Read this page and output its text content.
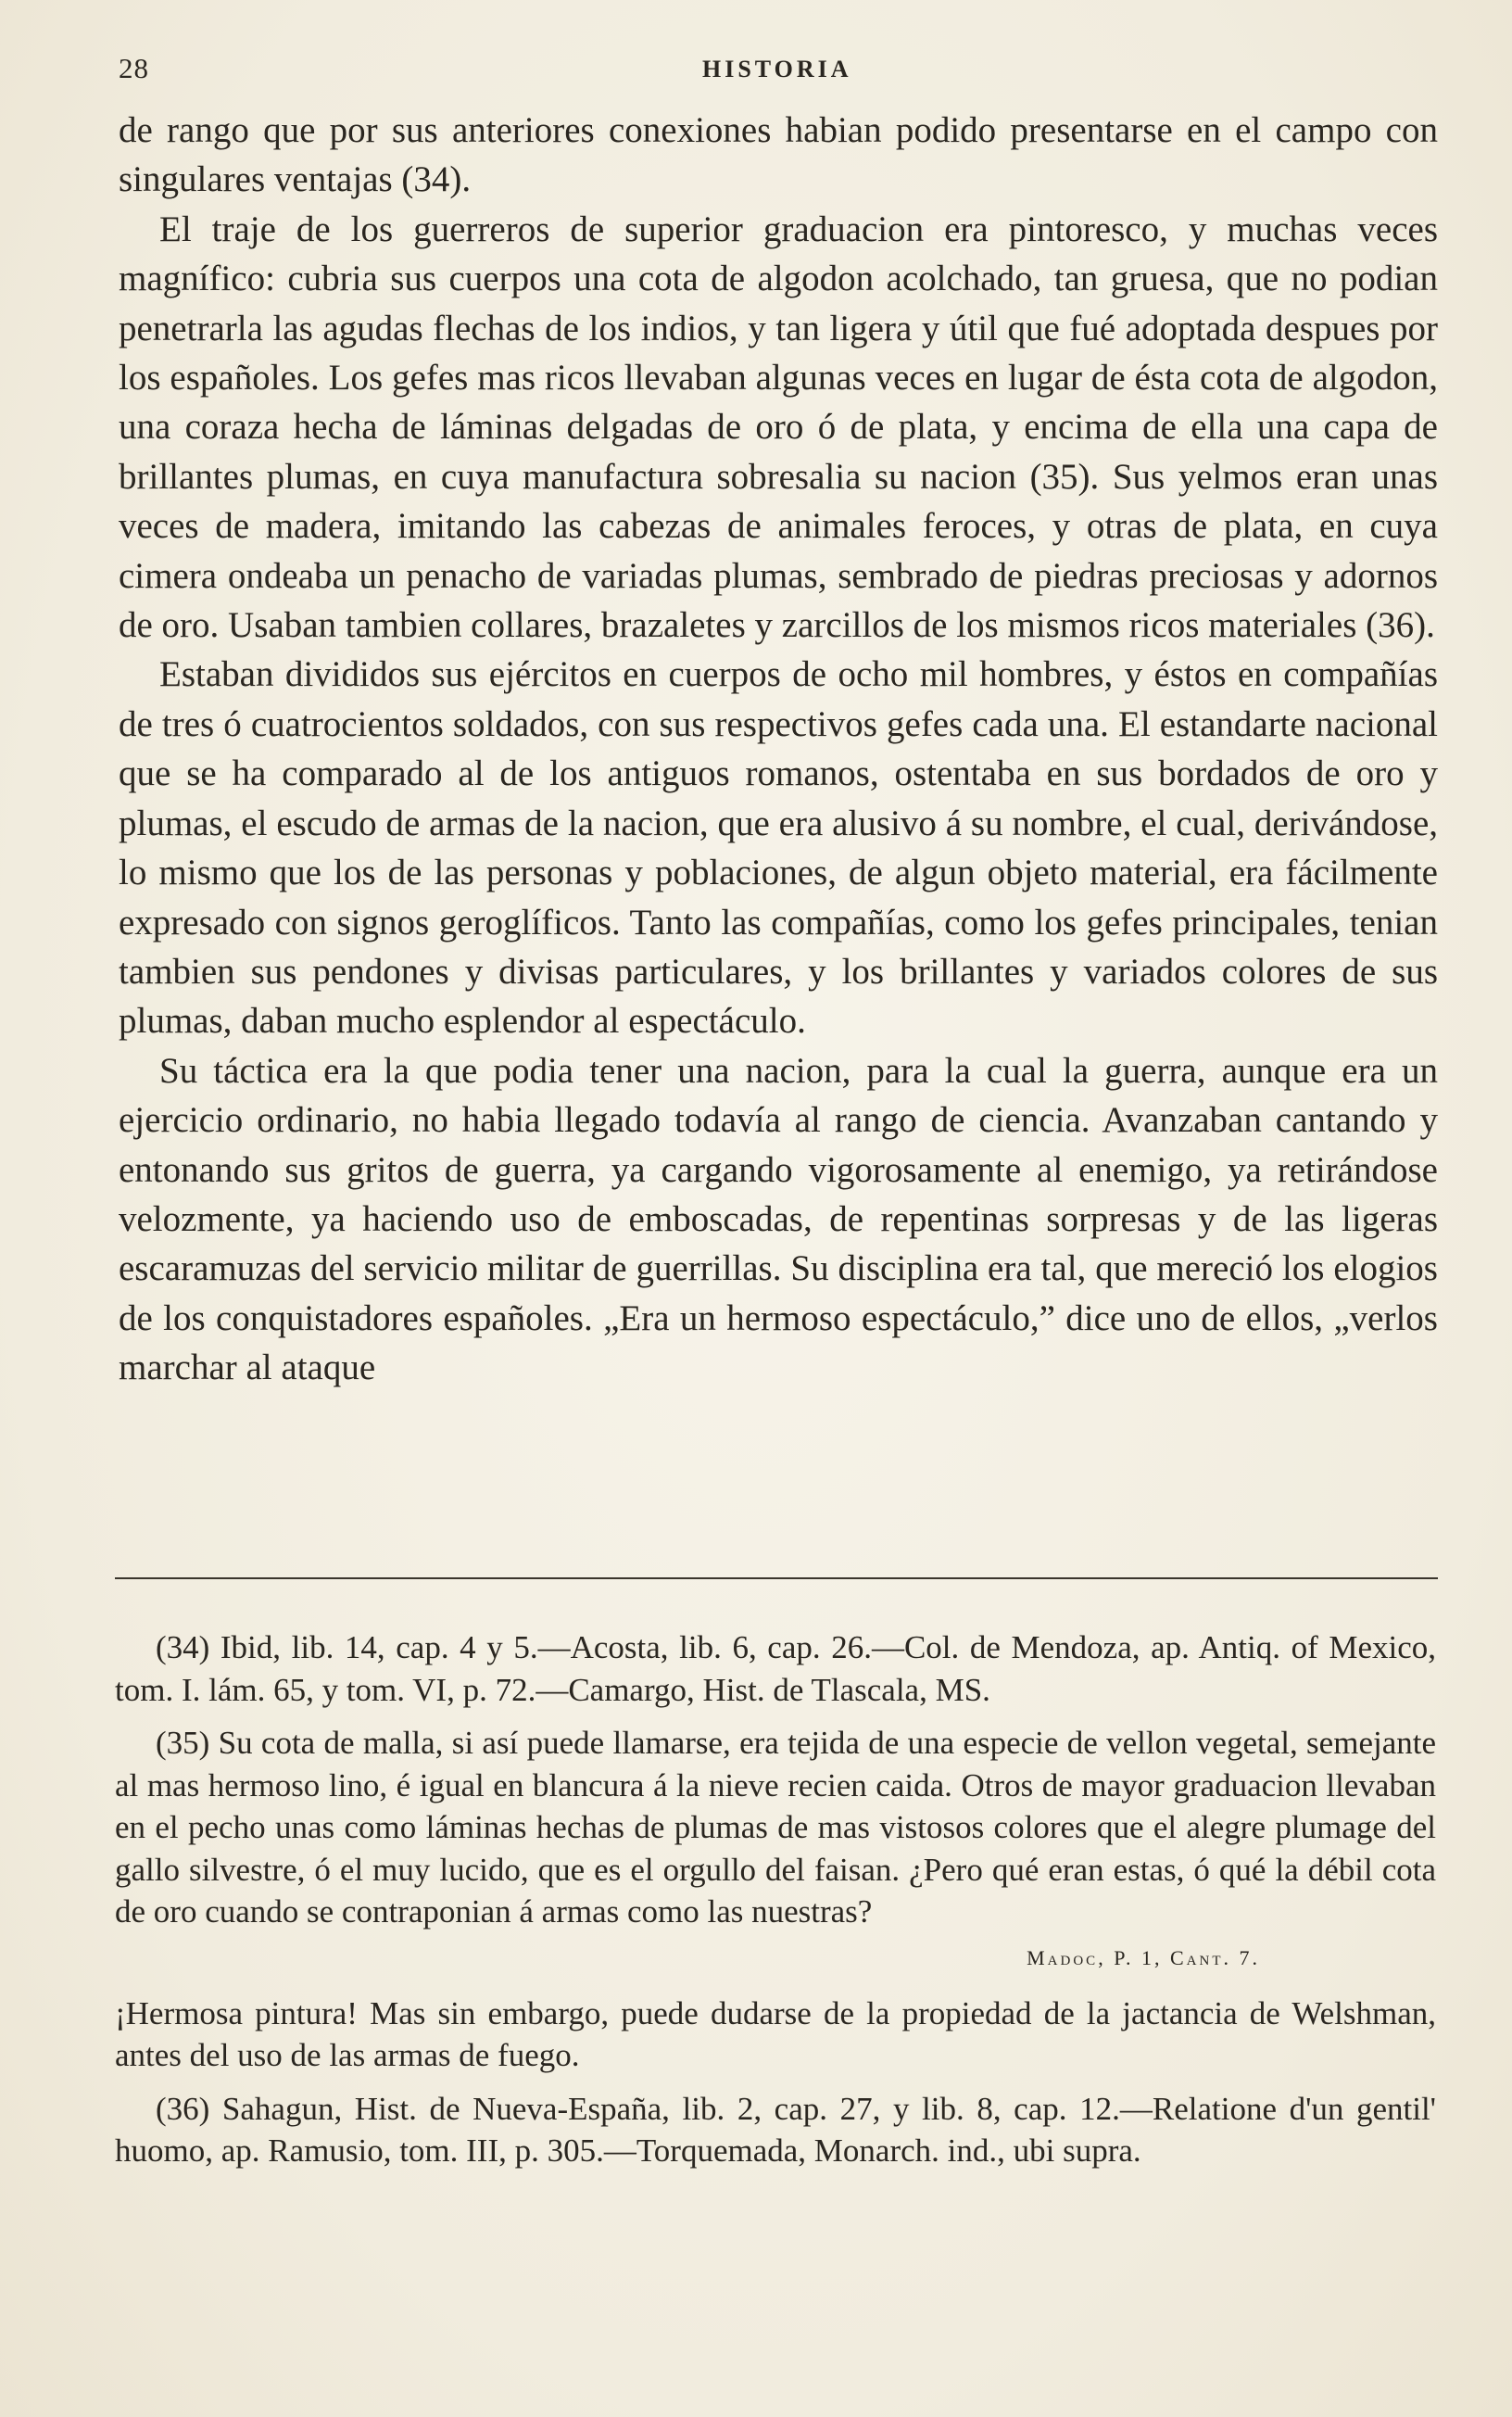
28	HISTORIA

de rango que por sus anteriores conexiones habian podido presentarse en el campo con singulares ventajas (34).

El traje de los guerreros de superior graduacion era pintoresco, y muchas veces magnífico: cubria sus cuerpos una cota de algodon acolchado, tan gruesa, que no podian penetrarla las agudas flechas de los indios, y tan ligera y útil que fué adoptada despues por los españoles. Los gefes mas ricos llevaban algunas veces en lugar de ésta cota de algodon, una coraza hecha de láminas delgadas de oro ó de plata, y encima de ella una capa de brillantes plumas, en cuya manufactura sobresalia su nacion (35). Sus yelmos eran unas veces de madera, imitando las cabezas de animales feroces, y otras de plata, en cuya cimera ondeaba un penacho de variadas plumas, sembrado de piedras preciosas y adornos de oro. Usaban tambien collares, brazaletes y zarcillos de los mismos ricos materiales (36).

Estaban divididos sus ejércitos en cuerpos de ocho mil hombres, y éstos en compañías de tres ó cuatrocientos soldados, con sus respectivos gefes cada una. El estandarte nacional que se ha comparado al de los antiguos romanos, ostentaba en sus bordados de oro y plumas, el escudo de armas de la nacion, que era alusivo á su nombre, el cual, derivándose, lo mismo que los de las personas y poblaciones, de algun objeto material, era fácilmente expresado con signos geroglíficos. Tanto las compañías, como los gefes principales, tenian tambien sus pendones y divisas particulares, y los brillantes y variados colores de sus plumas, daban mucho esplendor al espectáculo.

Su táctica era la que podia tener una nacion, para la cual la guerra, aunque era un ejercicio ordinario, no habia llegado todavía al rango de ciencia. Avanzaban cantando y entonando sus gritos de guerra, ya cargando vigorosamente al enemigo, ya retirándose velozmente, ya haciendo uso de emboscadas, de repentinas sorpresas y de las ligeras escaramuzas del servicio militar de guerrillas. Su disciplina era tal, que mereció los elogios de los conquistadores españoles. „Era un hermoso espectáculo,” dice uno de ellos, „verlos marchar al ataque

(34) Ibid, lib. 14, cap. 4 y 5.—Acosta, lib. 6, cap. 26.—Col. de Mendoza, ap. Antiq. of Mexico, tom. I. lám. 65, y tom. VI, p. 72.—Camargo, Hist. de Tlascala, MS.

(35) Su cota de malla, si así puede llamarse, era tejida de una especie de vellon vegetal, semejante al mas hermoso lino, é igual en blancura á la nieve recien caida. Otros de mayor graduacion llevaban en el pecho unas como láminas hechas de plumas de mas vistosos colores que el alegre plumage del gallo silvestre, ó el muy lucido, que es el orgullo del faisan. ¿Pero qué eran estas, ó qué la débil cota de oro cuando se contraponian á armas como las nuestras?

Madoc, P. 1, Cant. 7.

¡Hermosa pintura! Mas sin embargo, puede dudarse de la propiedad de la jactancia de Welshman, antes del uso de las armas de fuego.

(36) Sahagun, Hist. de Nueva-España, lib. 2, cap. 27, y lib. 8, cap. 12.—Relatione d'un gentil' huomo, ap. Ramusio, tom. III, p. 305.—Torquemada, Monarch. ind., ubi supra.
